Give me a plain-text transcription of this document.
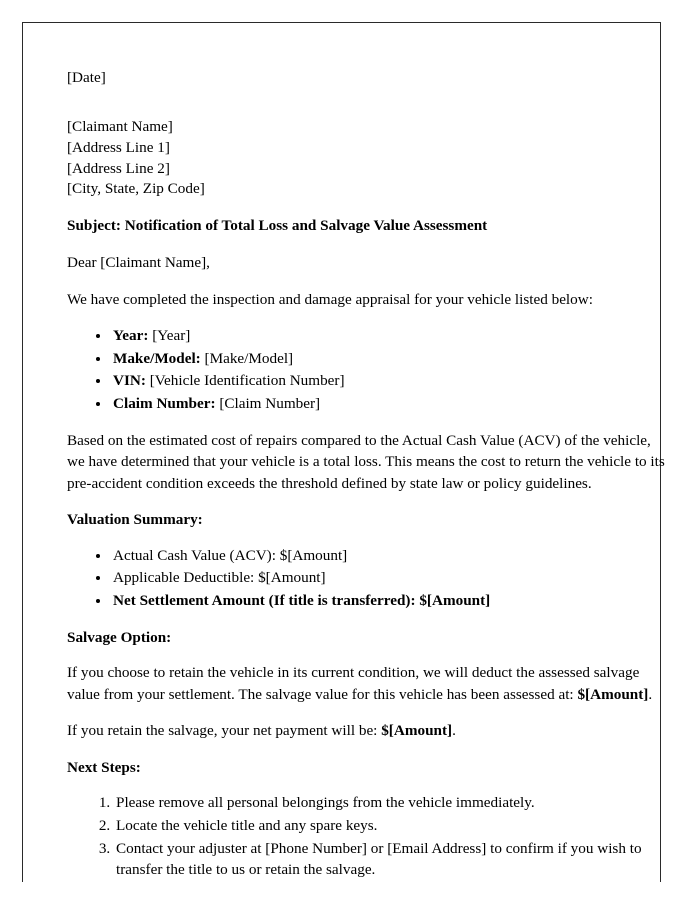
[Date]

[Claimant Name]

[Address Line 1]

[Address Line 2]

[City, State, Zip Code]

Subject: Notification of Total Loss and Salvage Value Assessment

Dear [Claimant Name],

We have completed the inspection and damage appraisal for your vehicle listed below:

• Year: [Year]
• Make/Model: [Make/Model]
• VIN: [Vehicle Identification Number]
• Claim Number: [Claim Number]

Based on the estimated cost of repairs compared to the Actual Cash Value (ACV) of the vehicle, we have determined that your vehicle is a total loss. This means the cost to return the vehicle to its pre-accident condition exceeds the threshold defined by state law or policy guidelines.

Valuation Summary:

• Actual Cash Value (ACV): $[Amount]
• Applicable Deductible: $[Amount]
• Net Settlement Amount (If title is transferred): $[Amount]

Salvage Option:

If you choose to retain the vehicle in its current condition, we will deduct the assessed salvage value from your settlement. The salvage value for this vehicle has been assessed at: $[Amount].

If you retain the salvage, your net payment will be: $[Amount].

Next Steps:

1. Please remove all personal belongings from the vehicle immediately.
2. Locate the vehicle title and any spare keys.
3. Contact your adjuster at [Phone Number] or [Email Address] to confirm if you wish to transfer the title to us or retain the salvage.
